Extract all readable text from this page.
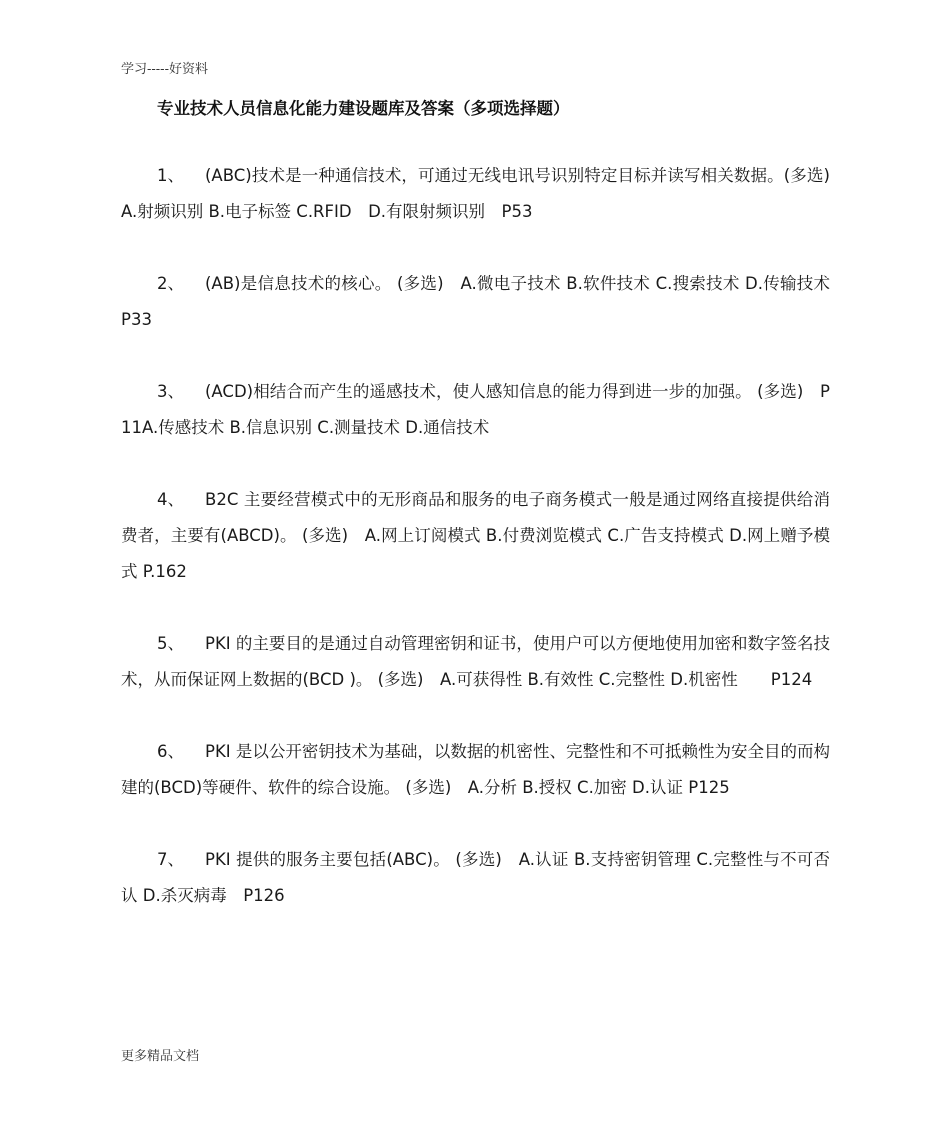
学习-----好资料
专业技术人员信息化能力建设题库及答案（多项选择题）

1、 (ABC)技术是一种通信技术，可通过无线电讯号识别特定目标并读写相关数据。(多选)　A.射频识别 B.电子标签 C.RFID　D.有限射频识别　P53

2、 (AB)是信息技术的核心。 (多选)　A.微电子技术 B.软件技术 C.搜索技术 D.传输技术　 P33

3、 (ACD)相结合而产生的遥感技术，使人感知信息的能力得到进一步的加强。 (多选)　P11A.传感技术 B.信息识别 C.测量技术 D.通信技术

4、 B2C 主要经营模式中的无形商品和服务的电子商务模式一般是通过网络直接提供给消费者，主要有(ABCD)。 (多选)　A.网上订阅模式 B.付费浏览模式 C.广告支持模式 D.网上赠予模式 P.162

5、 PKI 的主要目的是通过自动管理密钥和证书，使用户可以方便地使用加密和数字签名技术，从而保证网上数据的(BCD )。 (多选)　A.可获得性 B.有效性 C.完整性 D.机密性　　P124

6、 PKI 是以公开密钥技术为基础，以数据的机密性、完整性和不可抵赖性为安全目的而构建的(BCD)等硬件、软件的综合设施。 (多选)　A.分析 B.授权 C.加密 D.认证 P125

7、 PKI 提供的服务主要包括(ABC)。 (多选)　A.认证 B.支持密钥管理 C.完整性与不可否认 D.杀灭病毒　P126

更多精品文档
